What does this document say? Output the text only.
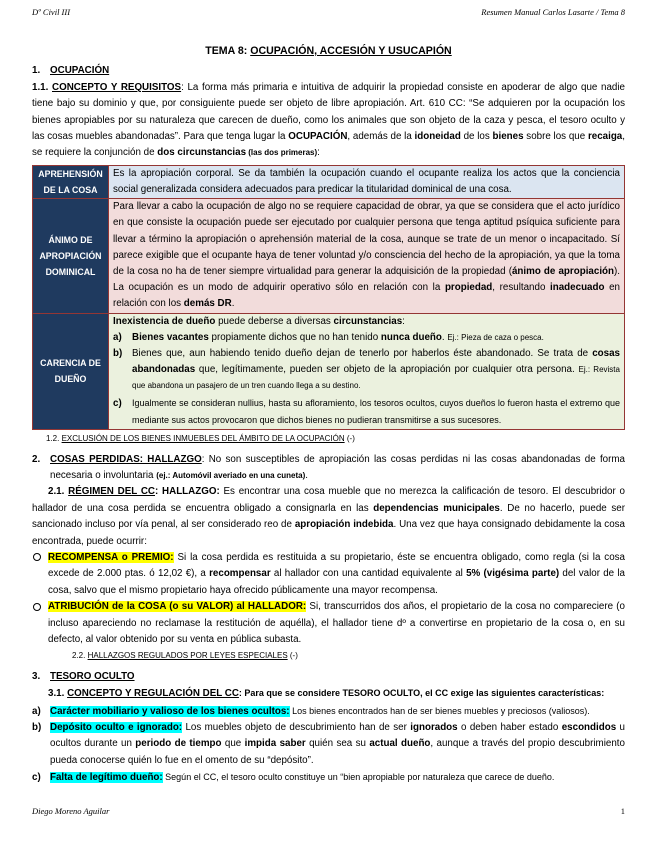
Dº Civil III	Resumen Manual Carlos Lasarte / Tema 8
TEMA 8: OCUPACIÓN, ACCESIÓN Y USUCAPIÓN
1. OCUPACIÓN
1.1. CONCEPTO Y REQUISITOS: La forma más primaria e intuitiva de adquirir la propiedad consiste en apoderar de algo que nadie tiene bajo su dominio y que, por consiguiente puede ser objeto de libre apropiación. Art. 610 CC: “Se adquieren por la ocupación los bienes apropiables por su naturaleza que carecen de dueño, como los animales que son objeto de la caza y pesca, el tesoro oculto y las cosas muebles abandonadas”. Para que tenga lugar la OCUPACIÓN, además de la idoneidad de los bienes sobre los que recaiga, se requiere la conjunción de dos circunstancias (las dos primeras):
APREHENSIÓN DE LA COSA	Es la apropiación corporal. Se da también la ocupación cuando el ocupante realiza los actos que la conciencia social generalizada considera adecuados para predicar la titularidad dominical de una cosa.
ÁNIMO DE APROPIACIÓN DOMINICAL	Para llevar a cabo la ocupación de algo no se requiere capacidad de obrar, ya que se considera que el acto jurídico en que consiste la ocupación puede ser ejecutado por cualquier persona que tenga aptitud psíquica suficiente para llevar a término la apropiación o aprehensión material de la cosa, aunque se trate de un menor o incapacitado. Sí parece exigible que el ocupante haya de tener voluntad y/o consciencia del hecho de la apropiación, ya que la toma de la cosa no ha de tener siempre virtualidad para generar la adquisición de la propiedad (ánimo de apropiación). La ocupación es un modo de adquirir operativo sólo en relación con la propiedad, resultando inadecuado en relación con los demás DR.
CARENCIA DE DUEÑO	Inexistencia de dueño puede deberse a diversas circunstancias:
a) Bienes vacantes propiamente dichos que no han tenido nunca dueño. Ej.: Pieza de caza o pesca.
b) Bienes que, aun habiendo tenido dueño dejan de tenerlo por haberlos éste abandonado. Se trata de cosas abandonadas que, legítimamente, pueden ser objeto de la apropiación por cualquier otra persona. Ej.: Revista que abandona un pasajero de un tren cuando llega a su destino.
c) Igualmente se consideran nullius, hasta su afloramiento, los tesoros ocultos, cuyos dueños lo fueron hasta el extremo que mediante sus actos provocaron que dichos bienes no pudieran transmitirse a sus sucesores.
1.2. EXCLUSIÓN DE LOS BIENES INMUEBLES DEL ÁMBITO DE LA OCUPACIÓN (-)
2. COSAS PERDIDAS: HALLAZGO: No son susceptibles de apropiación las cosas perdidas ni las cosas abandonadas de forma necesaria o involuntaria (ej.: Automóvil averiado en una cuneta).
2.1. RÉGIMEN DEL CC: HALLAZGO: Es encontrar una cosa mueble que no merezca la calificación de tesoro. El descubridor o hallador de una cosa perdida se encuentra obligado a consignarla en las dependencias municipales. De no hacerlo, puede ser sancionado incluso por vía penal, al ser considerado reo de apropiación indebida. Una vez que haya consignado debidamente la cosa encontrada, puede ocurrir:
RECOMPENSA o PREMIO: Si la cosa perdida es restituida a su propietario, éste se encuentra obligado, como regla (si la cosa excede de 2.000 ptas. ó 12,02 €), a recompensar al hallador con una cantidad equivalente al 5% (vigésima parte) del valor de la cosa, salvo que el mismo propietario haya ofrecido públicamente una mayor recompensa.
ATRIBUCIÓN de la COSA (o su VALOR) al HALLADOR: Si, transcurridos dos años, el propietario de la cosa no compareciere (o incluso apareciendo no reclamase la restitución de aquélla), el hallador tiene dº a convertirse en propietario de la cosa o, en su defecto, al valor obtenido por su venta en pública subasta.
2.2. HALLAZGOS REGULADOS POR LEYES ESPECIALES (-)
3. TESORO OCULTO
3.1. CONCEPTO Y REGULACIÓN DEL CC: Para que se considere TESORO OCULTO, el CC exige las siguientes características:
a) Carácter mobiliario y valioso de los bienes ocultos: Los bienes encontrados han de ser bienes muebles y preciosos (valiosos).
b) Depósito oculto e ignorado: Los muebles objeto de descubrimiento han de ser ignorados o deben haber estado escondidos u ocultos durante un periodo de tiempo que impida saber quién sea su actual dueño, aunque a través del propio descubrimiento pueda conocerse quién lo fue en el omento de su “depósito”.
c) Falta de legítimo dueño: Según el CC, el tesoro oculto constituye un “bien apropiable por naturaleza que carece de dueño.
Diego Moreno Aguilar	1
